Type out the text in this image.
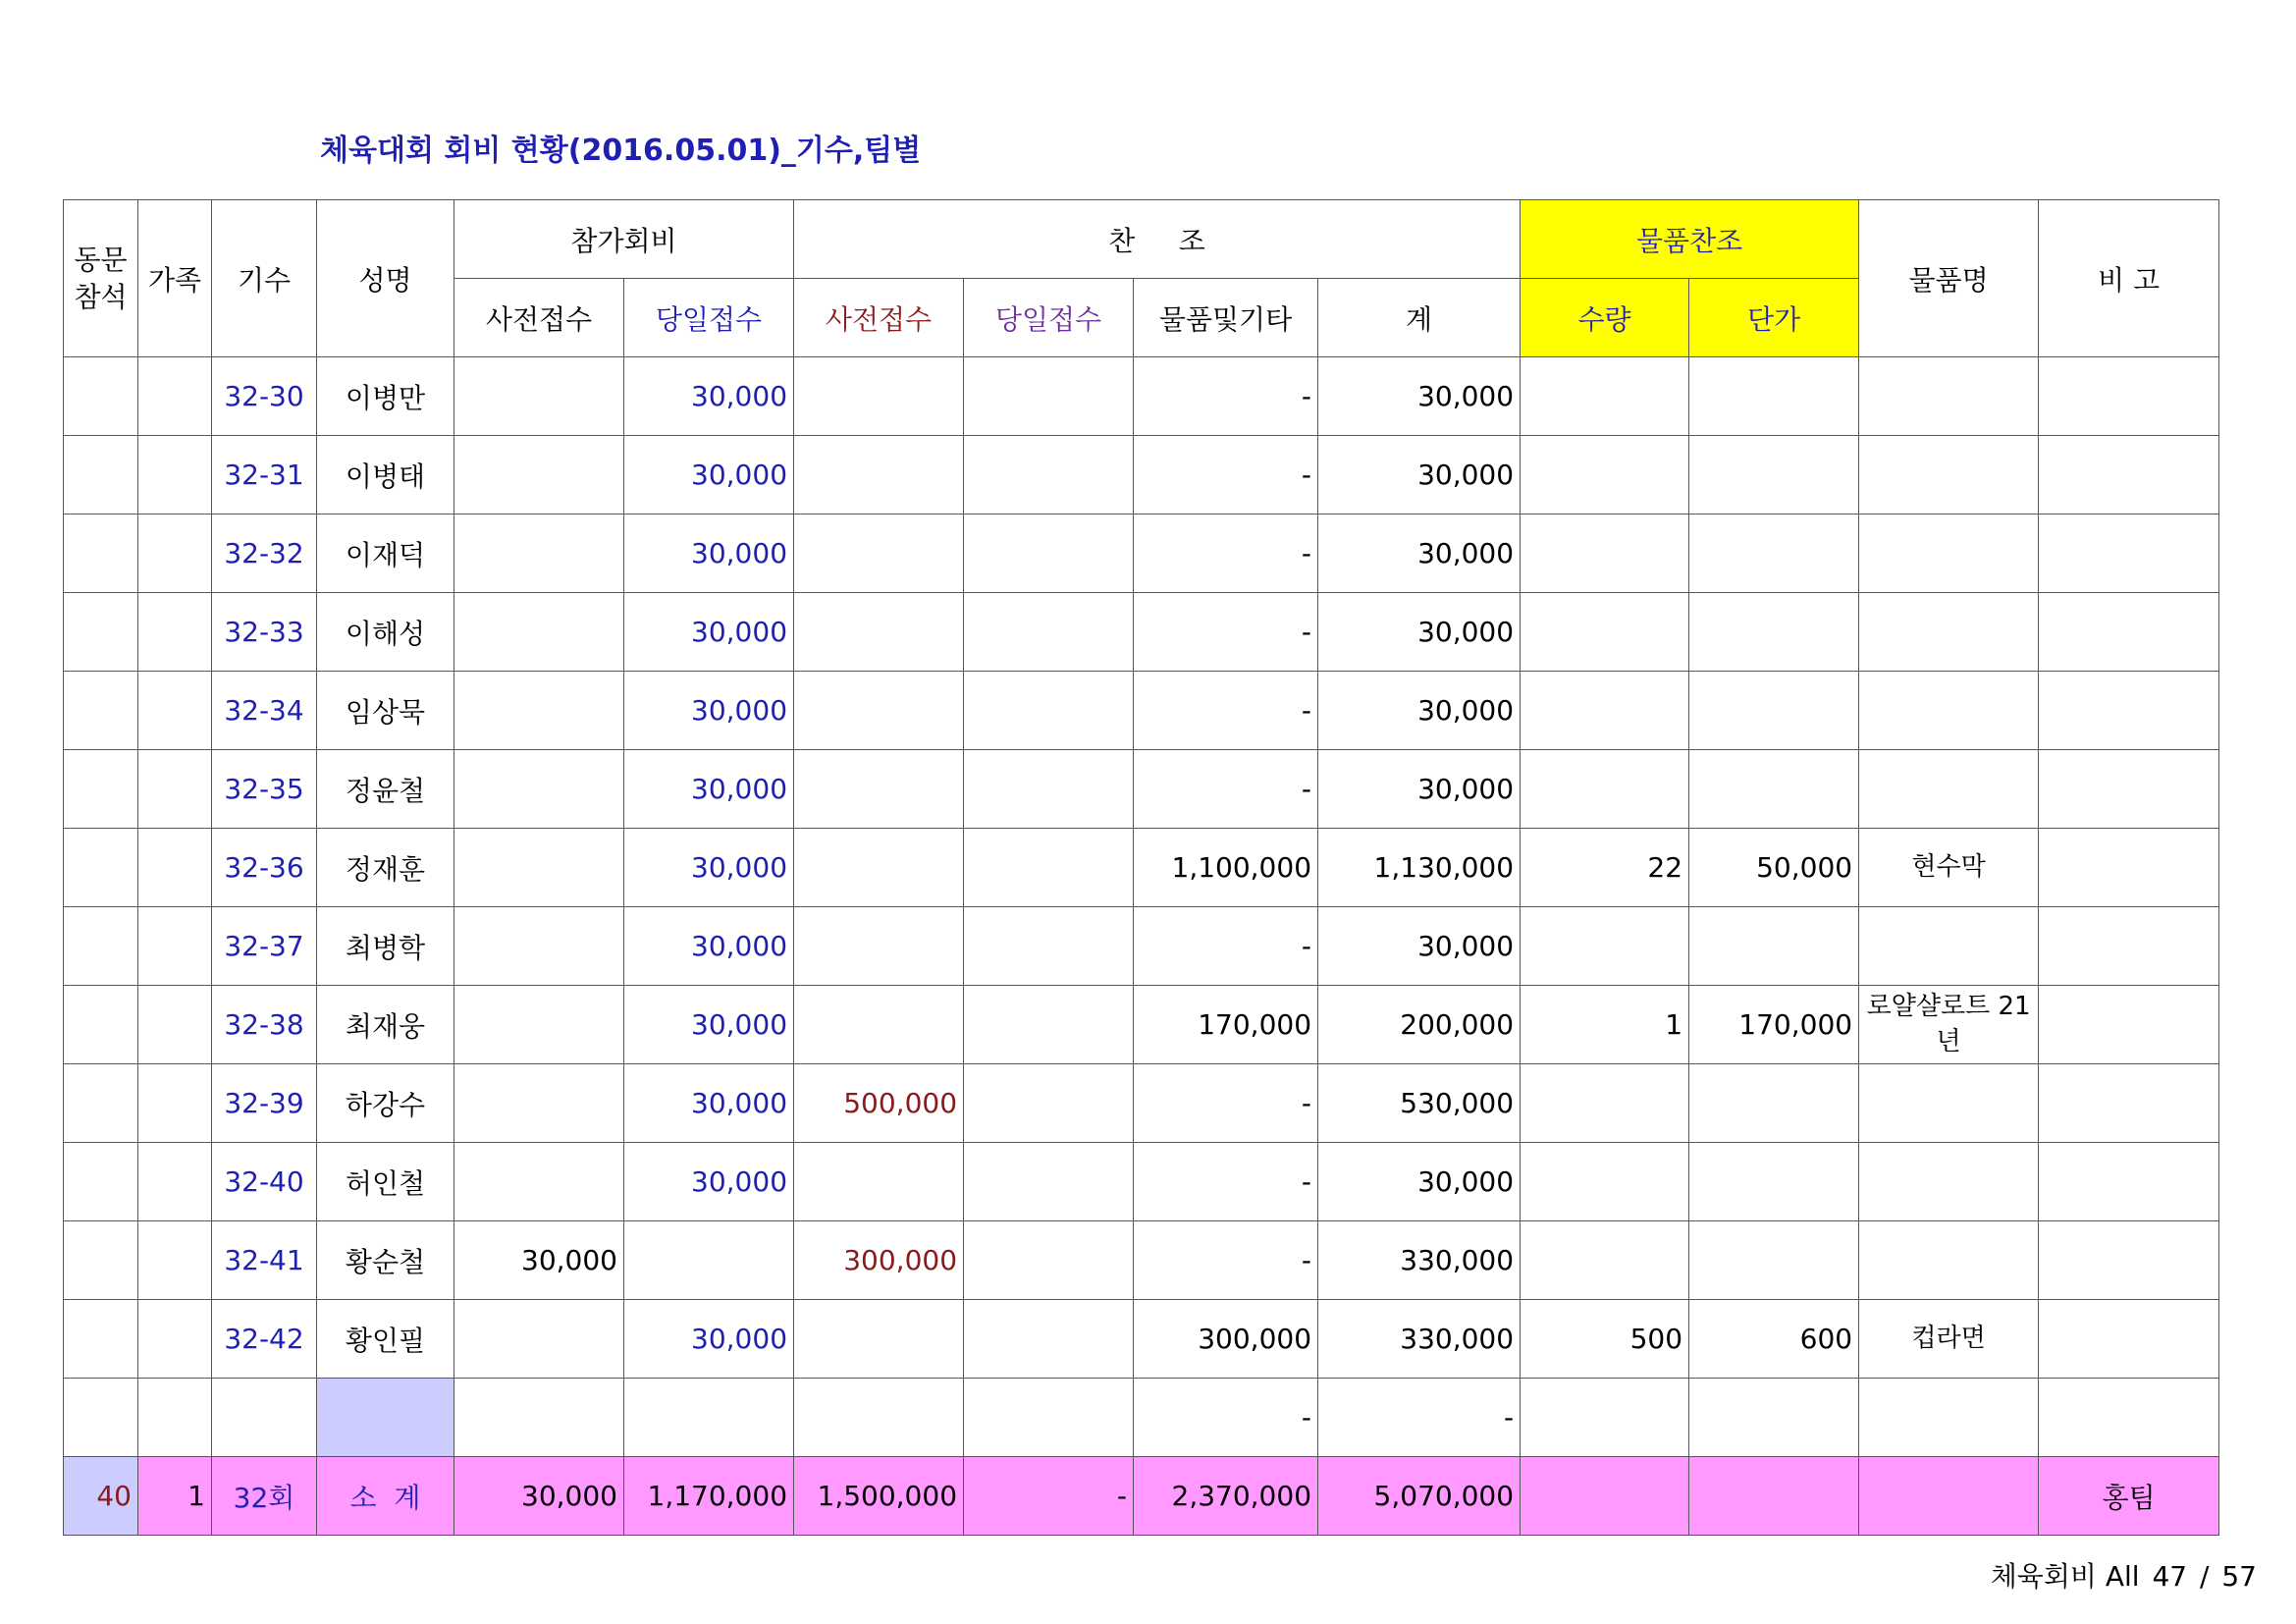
체육대회 회비 현황(2016.05.01)_기수,팀별
동문 참석	가족	기수	성명	참가회비		찬     조				물품찬조		물품명	비 고
				사전접수	당일접수	사전접수	당일접수	물품및기타	계	수량	단가		
		32-30	이병만		30,000			-	30,000				
		32-31	이병태		30,000			-	30,000				
		32-32	이재덕		30,000			-	30,000				
		32-33	이해성		30,000			-	30,000				
		32-34	임상묵		30,000			-	30,000				
		32-35	정윤철		30,000			-	30,000				
		32-36	정재훈		30,000			1,100,000	1,130,000	22	50,000	현수막	
		32-37	최병학		30,000			-	30,000				
		32-38	최재웅		30,000			170,000	200,000	1	170,000	로얄샬로트 21년	
		32-39	하강수		30,000	500,000		-	530,000				
		32-40	허인철		30,000			-	30,000				
		32-41	황순철	30,000		300,000		-	330,000				
		32-42	황인필		30,000			300,000	330,000	500	600	컵라면	
								-	-				
40	1	32회	소  계	30,000	1,170,000	1,500,000	-	2,370,000	5,070,000				홍팀
체육회비 All 47 / 57
